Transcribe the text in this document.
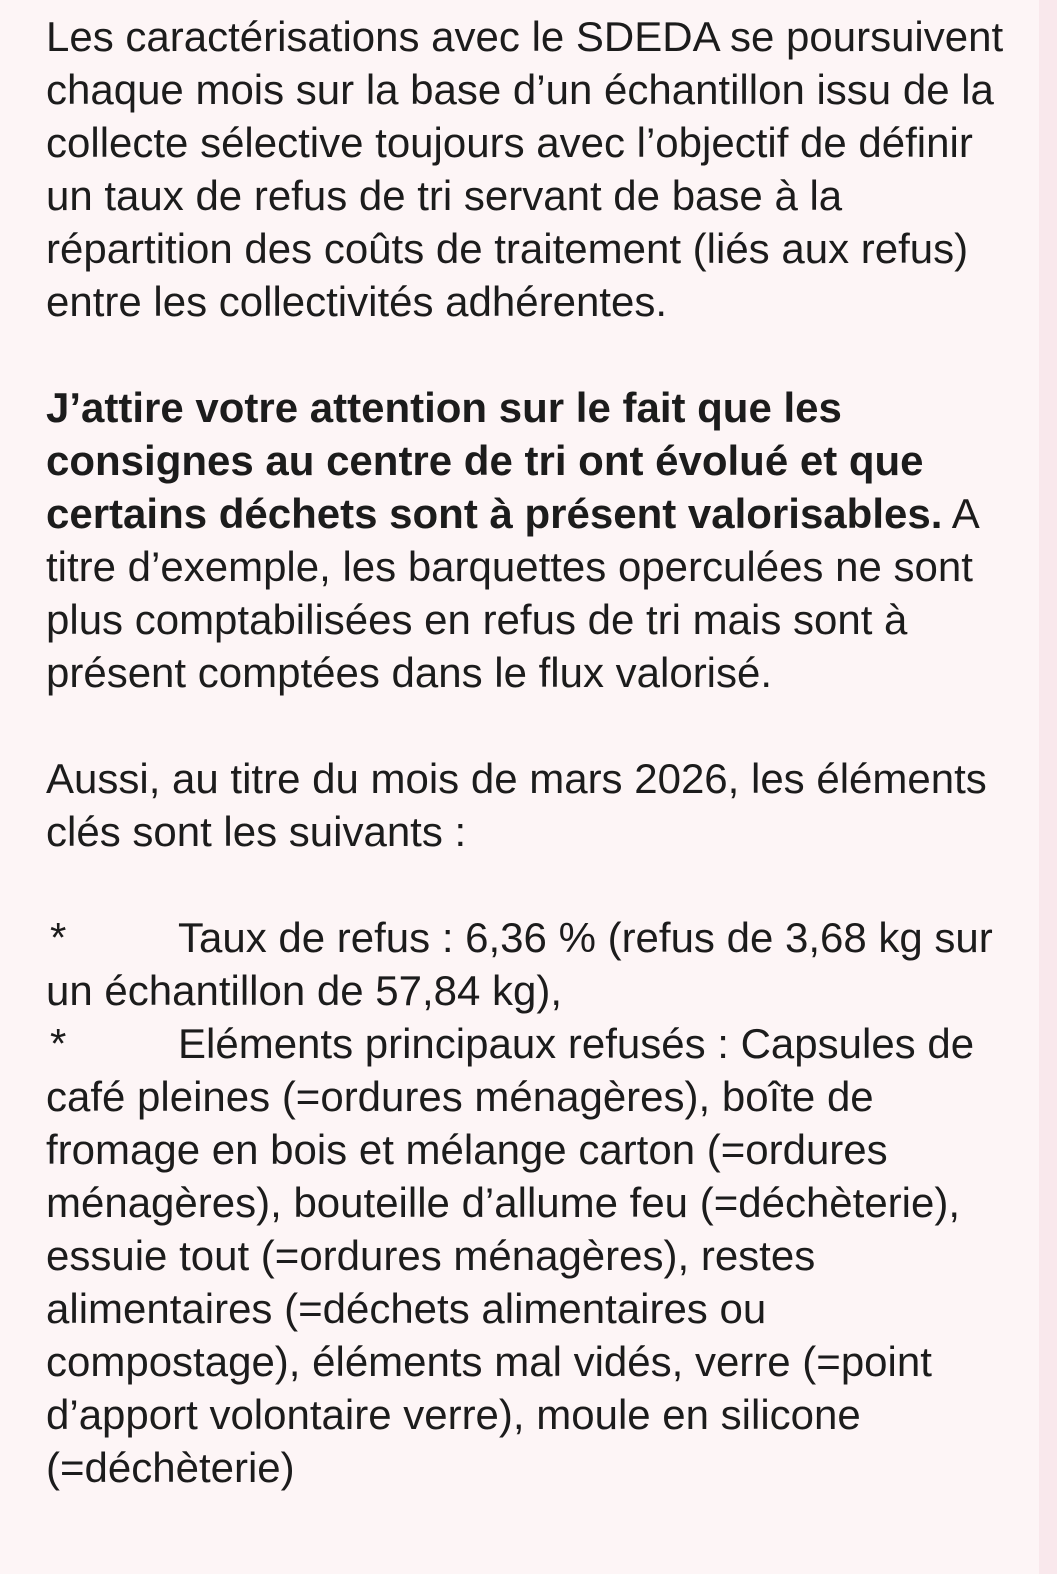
Les caractérisations avec le SDEDA se poursuivent chaque mois sur la base d’un échantillon issu de la collecte sélective toujours avec l’objectif de définir un taux de refus de tri servant de base à la répartition des coûts de traitement (liés aux refus) entre les collectivités adhérentes.

J’attire votre attention sur le fait que les consignes au centre de tri ont évolué et que certains déchets sont à présent valorisables. A titre d’exemple, les barquettes operculées ne sont plus comptabilisées en refus de tri mais sont à présent comptées dans le flux valorisé.

Aussi, au titre du mois de mars 2026, les éléments clés sont les suivants :

*	Taux de refus : 6,36 % (refus de 3,68 kg sur un échantillon de 57,84 kg),

*	Eléments principaux refusés : Capsules de café pleines (=ordures ménagères), boîte de fromage en bois et mélange carton (=ordures ménagères), bouteille d’allume feu (=déchèterie), essuie tout (=ordures ménagères), restes alimentaires (=déchets alimentaires ou compostage), éléments mal vidés, verre (=point d’apport volontaire verre), moule en silicone (=déchèterie)
